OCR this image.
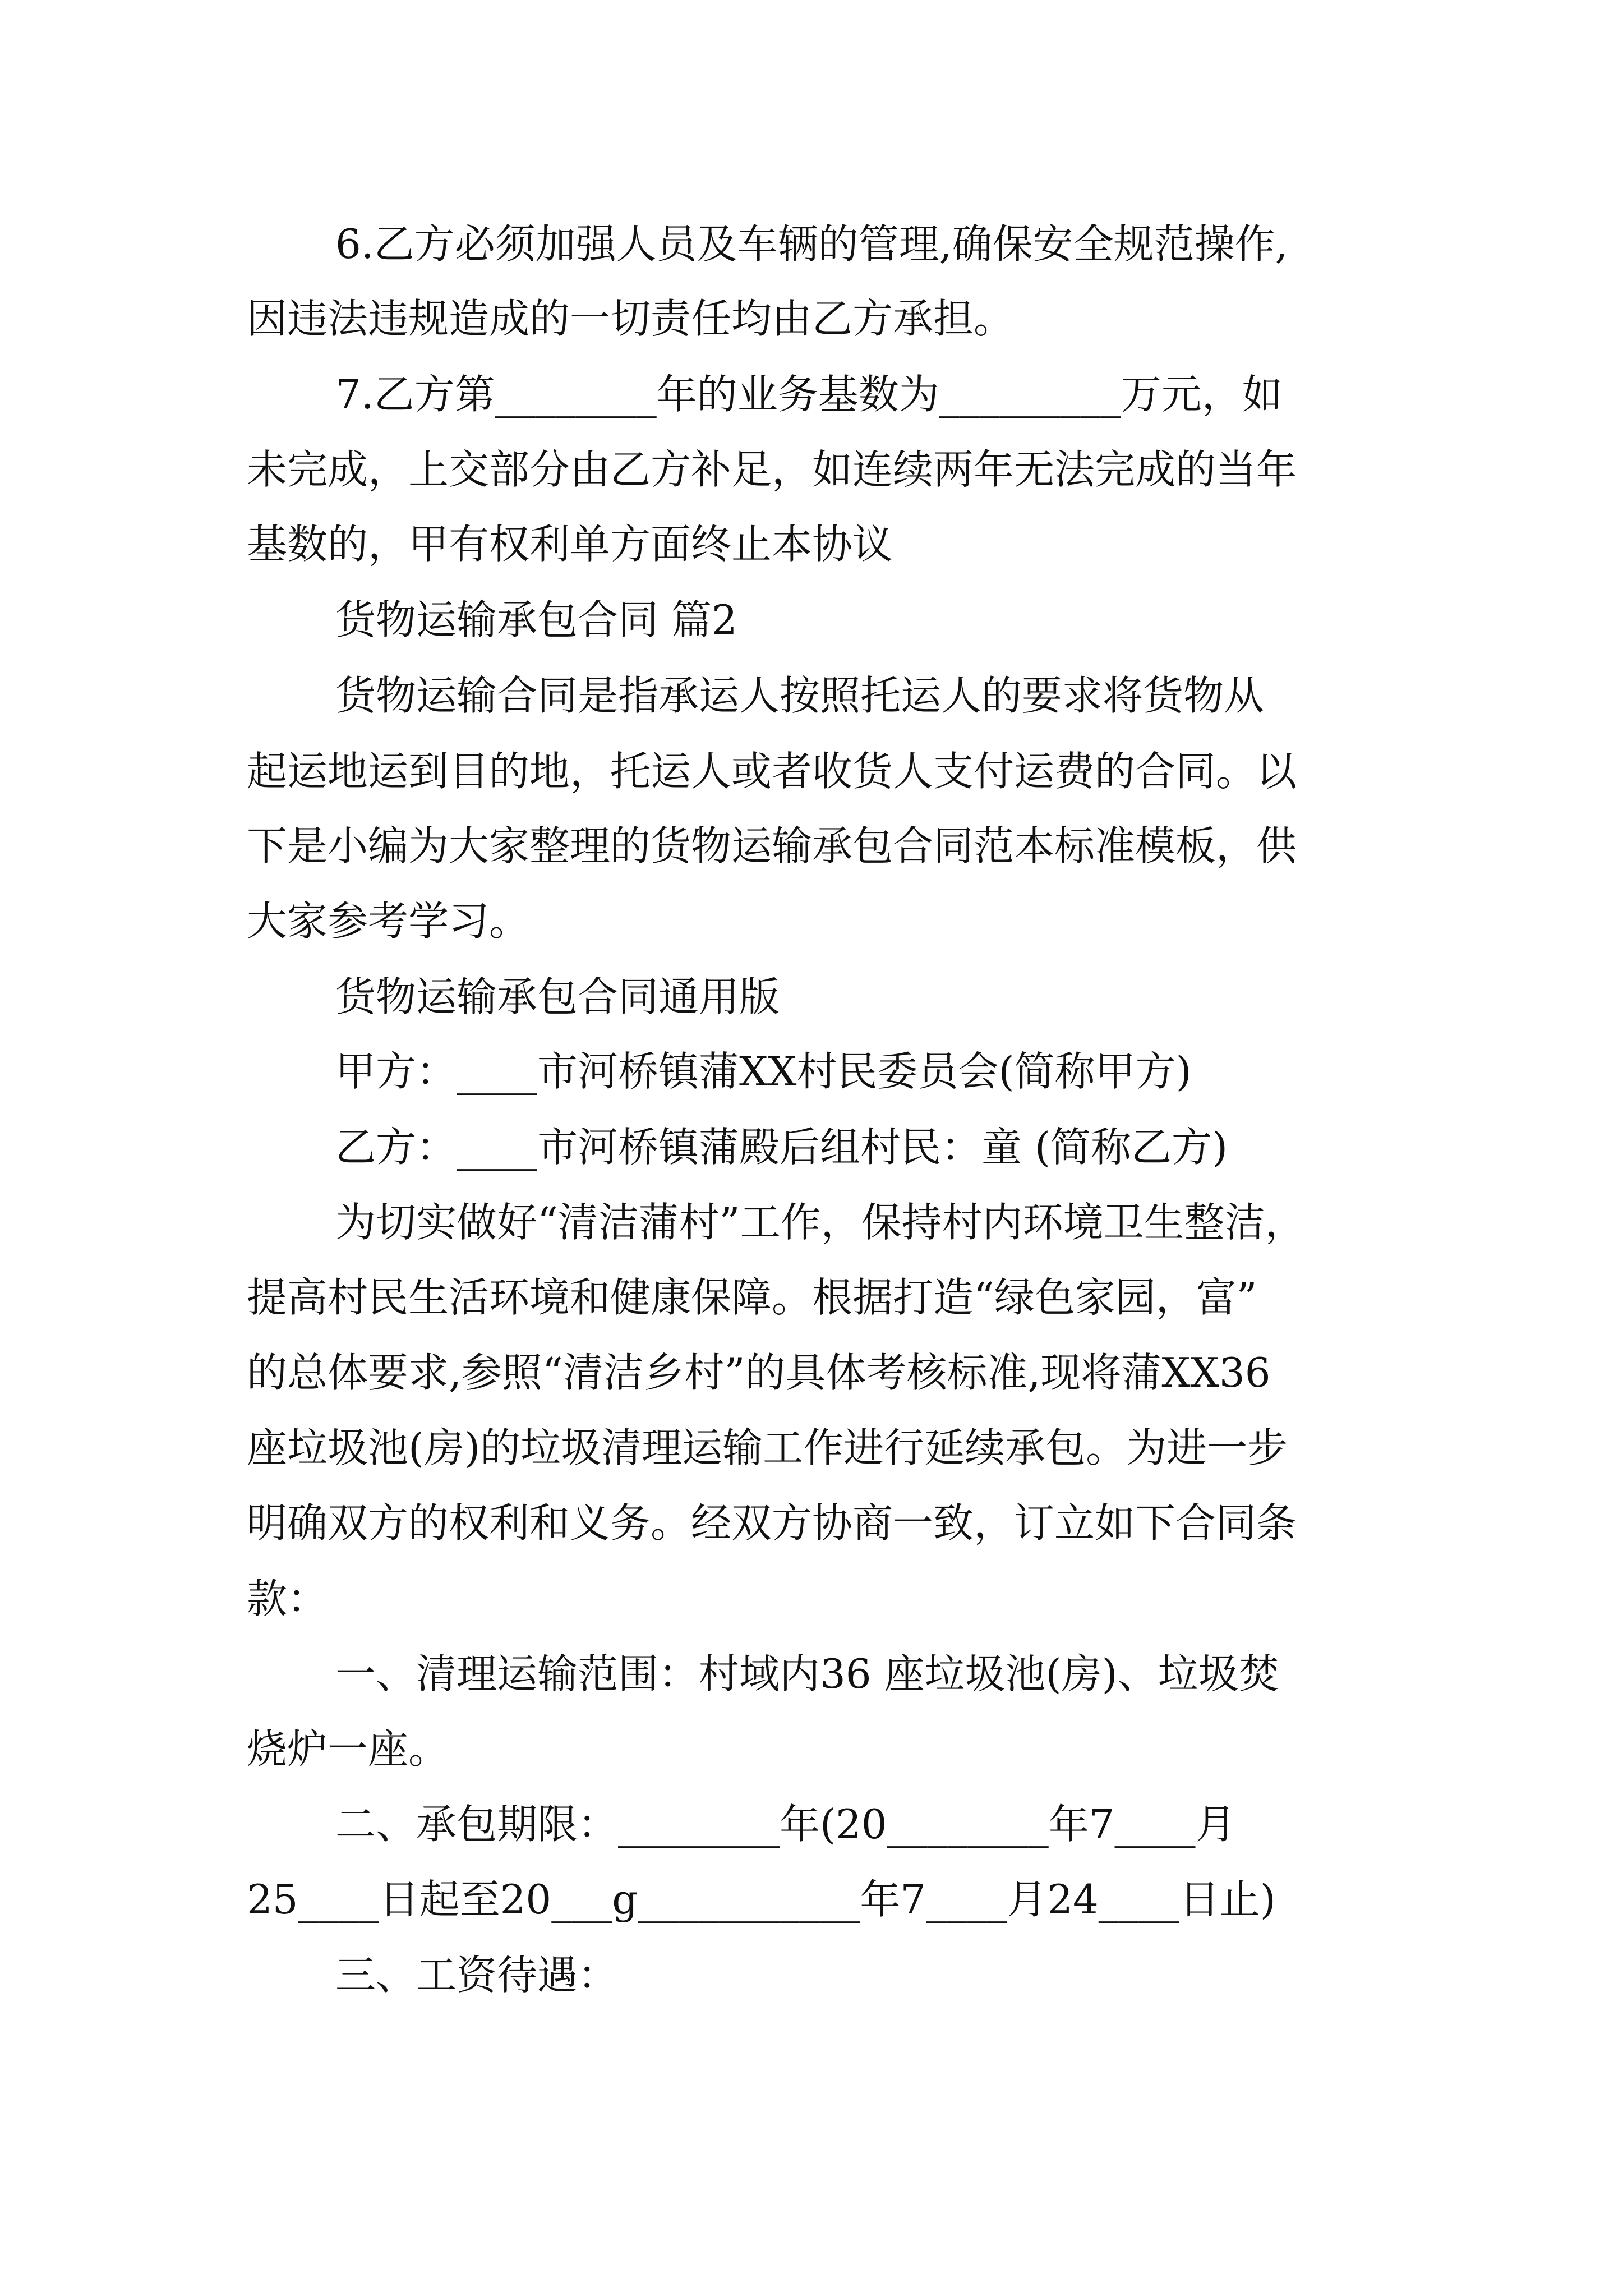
6.乙方必须加强人员及车辆的管理,确保安全规范操作,
因违法违规造成的一切责任均由乙方承担。
7.乙方第________年的业务基数为_________万元，如
未完成，上交部分由乙方补足，如连续两年无法完成的当年
基数的，甲有权利单方面终止本协议
货物运输承包合同 篇2
货物运输合同是指承运人按照托运人的要求将货物从
起运地运到目的地，托运人或者收货人支付运费的合同。以
下是小编为大家整理的货物运输承包合同范本标准模板，供
大家参考学习。
货物运输承包合同通用版
甲方：____市河桥镇蒲XX村民委员会(简称甲方)
乙方：____市河桥镇蒲殿后组村民：童 (简称乙方)
为切实做好“清洁蒲村”工作，保持村内环境卫生整洁，
提高村民生活环境和健康保障。根据打造“绿色家园，富”
的总体要求,参照“清洁乡村”的具体考核标准,现将蒲XX36
座垃圾池(房)的垃圾清理运输工作进行延续承包。为进一步
明确双方的权利和义务。经双方协商一致，订立如下合同条
款：
一、清理运输范围：村域内36 座垃圾池(房)、垃圾焚
烧炉一座。
二、承包期限：________年(20________年7____月
25____日起至20___g___________年7____月24____日止)
三、工资待遇：
